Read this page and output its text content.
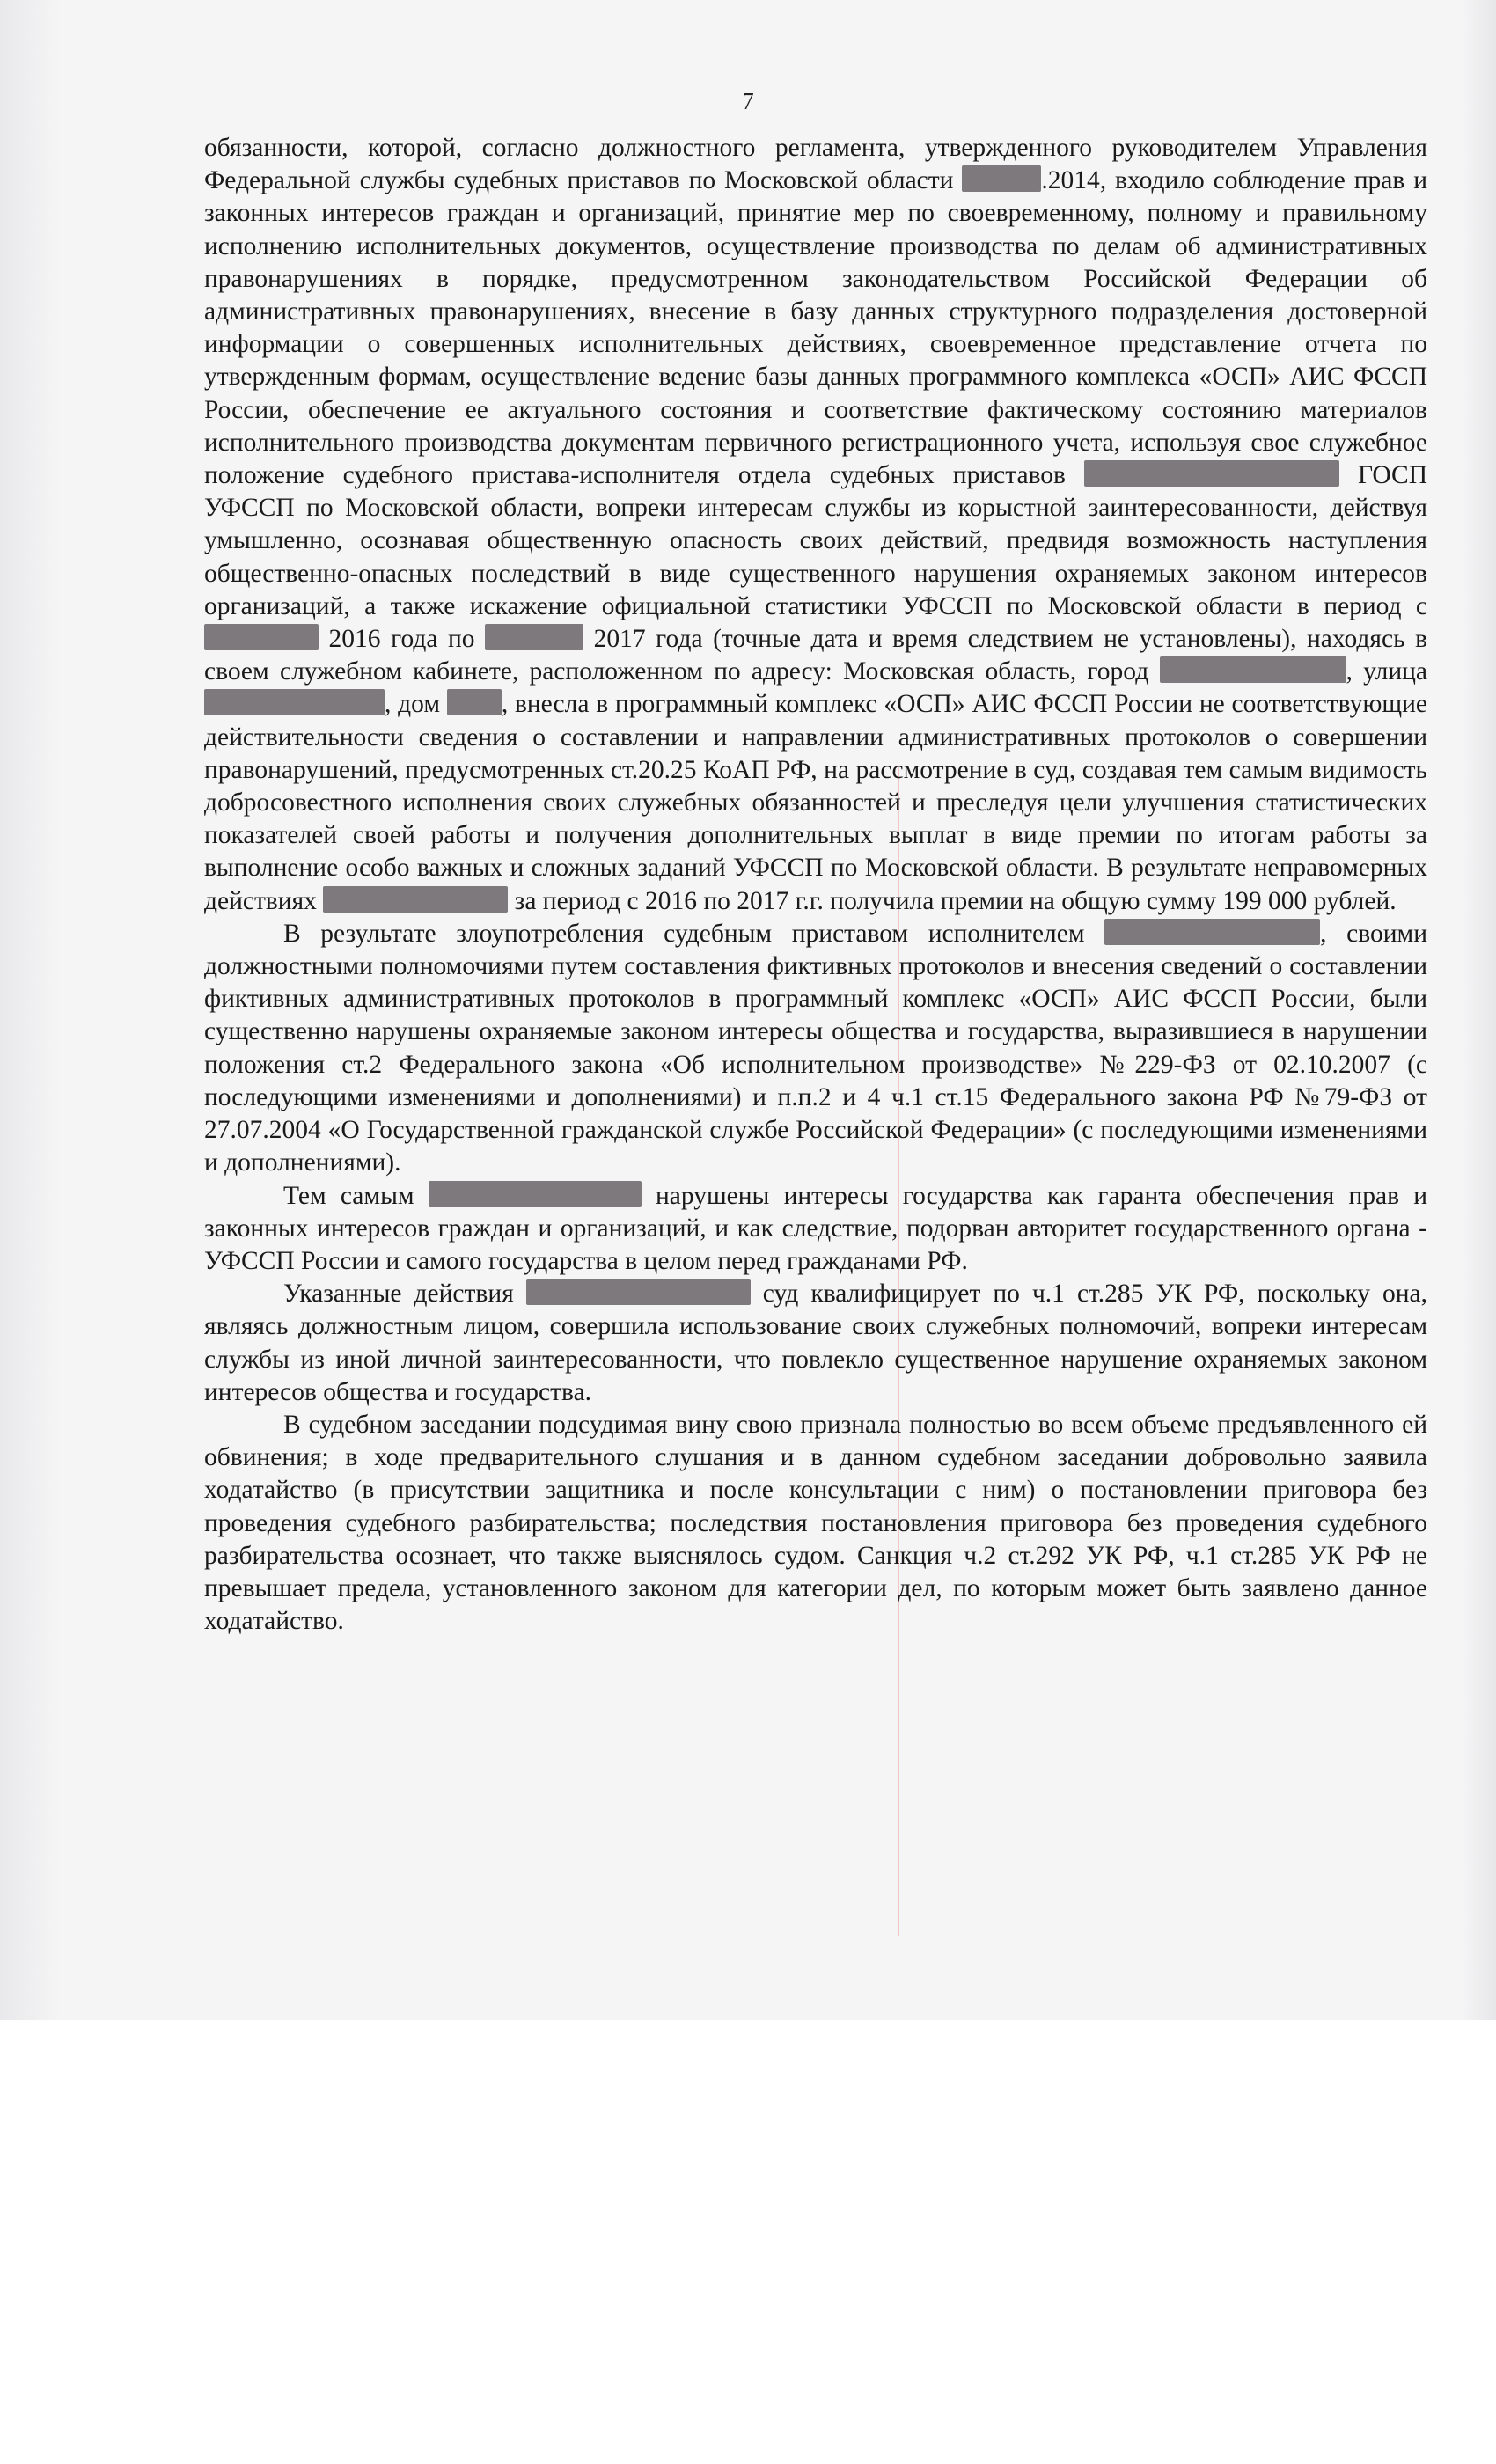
7

обязанности, которой, согласно должностного регламента, утвержденного руководителем Управления Федеральной службы судебных приставов по Московской области	.2014, входило соблюдение прав и законных интересов граждан и организаций, принятие мер по своевременному, полному и правильному исполнению исполнительных документов, осуществление производства по делам об административных правонарушениях в порядке, предусмотренном законодательством Российской Федерации об административных правонарушениях, внесение в базу данных структурного подразделения достоверной информации о совершенных исполнительных действиях, своевременное представление отчета по утвержденным формам, осуществление ведение базы данных программного комплекса «ОСП» АИС ФССП России, обеспечение ее актуального состояния и соответствие фактическому состоянию материалов исполнительного производства документам первичного регистрационного учета, используя свое служебное положение судебного пристава-исполнителя отдела судебных приставов	ГОСП УФССП по Московской области, вопреки интересам службы из корыстной заинтересованности, действуя умышленно, осознавая общественную опасность своих действий, предвидя возможность наступления общественно-опасных последствий в виде существенного нарушения охраняемых законом интересов организаций, а также искажение официальной статистики УФССП по Московской области в период с  2016 года по	2017 года (точные дата и время следствием не установлены), находясь в своем служебном кабинете, расположенном по адресу: Московская область, город	, улица , дом , внесла в программный комплекс «ОСП» АИС ФССП России не соответствующие действительности сведения о составлении и направлении административных протоколов о совершении правонарушений, предусмотренных ст.20.25 КоАП РФ, на рассмотрение в суд, создавая тем самым видимость добросовестного исполнения своих служебных обязанностей и преследуя цели улучшения статистических показателей своей работы и получения дополнительных выплат в виде премии по итогам работы за выполнение особо важных и сложных заданий УФССП по Московской области. В результате неправомерных действиях	за период с 2016 по 2017 г.г. получила премии на общую сумму 199 000 рублей.

В результате злоупотребления судебным приставом исполнителем	, своими должностными полномочиями путем составления фиктивных протоколов и внесения сведений о составлении фиктивных административных протоколов в программный комплекс «ОСП» АИС ФССП России, были существенно нарушены охраняемые законом интересы общества и государства, выразившиеся в нарушении положения ст.2 Федерального закона «Об исполнительном производстве» №229-ФЗ от 02.10.2007 (с последующими изменениями и дополнениями) и п.п.2 и 4 ч.1 ст.15 Федерального закона РФ №79-ФЗ от 27.07.2004 «О Государственной гражданской службе Российской Федерации» (с последующими изменениями и дополнениями).

Тем самым	нарушены интересы государства как гаранта обеспечения прав и законных интересов граждан и организаций, и как следствие, подорван авторитет государственного органа - УФССП России и самого государства в целом перед гражданами РФ.

Указанные действия	суд квалифицирует по ч.1 ст.285 УК РФ, поскольку она, являясь должностным лицом, совершила использование своих служебных полномочий, вопреки интересам службы из иной личной заинтересованности, что повлекло существенное нарушение охраняемых законом интересов общества и государства.

В судебном заседании подсудимая вину свою признала полностью во всем объеме предъявленного ей обвинения; в ходе предварительного слушания и в данном судебном заседании добровольно заявила ходатайство (в присутствии защитника и после консультации с ним) о постановлении приговора без проведения судебного разбирательства; последствия постановления приговора без проведения судебного разбирательства осознает, что также выяснялось судом. Санкция ч.2 ст.292 УК РФ, ч.1 ст.285 УК РФ не превышает предела, установленного законом для категории дел, по которым может быть заявлено данное ходатайство.
